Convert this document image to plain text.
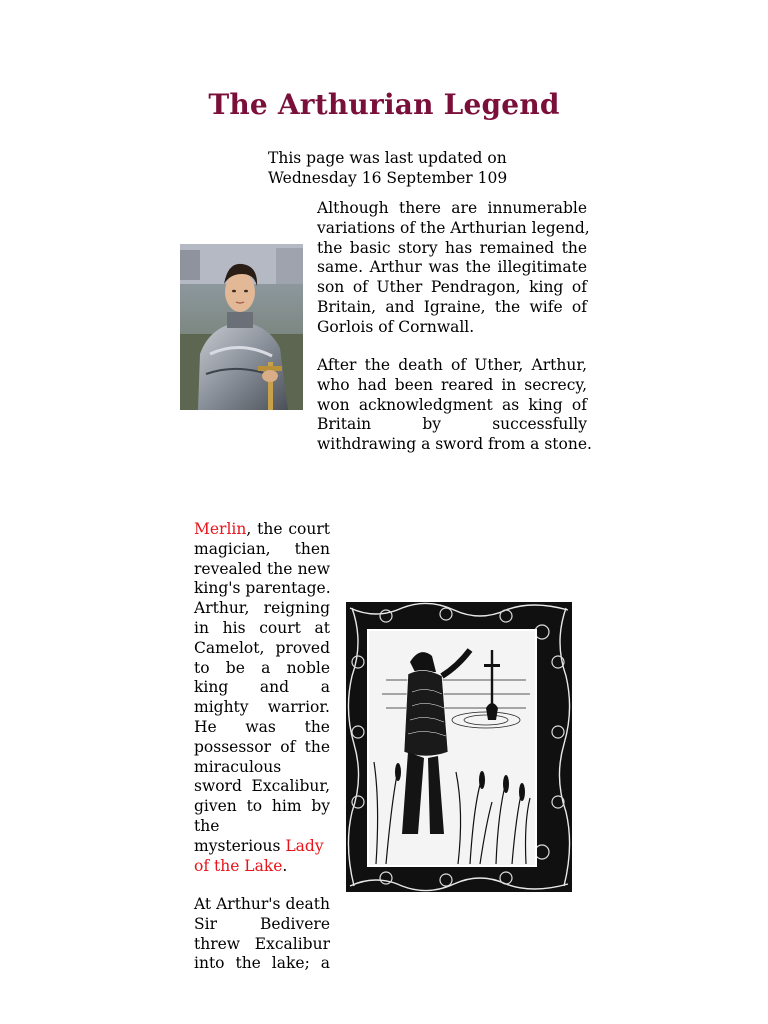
The Arthurian Legend
This page was last updated on
Wednesday 16 September 109
Although there are innumerable
variations of the Arthurian legend,
the basic story has remained the
same. Arthur was the illegitimate
son of Uther Pendragon, king of
Britain, and Igraine, the wife of
Gorlois of Cornwall.
After the death of Uther, Arthur,
who had been reared in secrecy,
won acknowledgment as king of
Britain by successfully
withdrawing a sword from a stone.
Merlin, the court
magician, then
revealed the new
king's parentage.
Arthur, reigning
in his court at
Camelot, proved
to be a noble
king and a
mighty warrior.
He was the
possessor of the
miraculous
sword Excalibur,
given to him by
the
mysterious Lady
of the Lake.
At Arthur's death
Sir Bedivere
threw Excalibur
into the lake; a
